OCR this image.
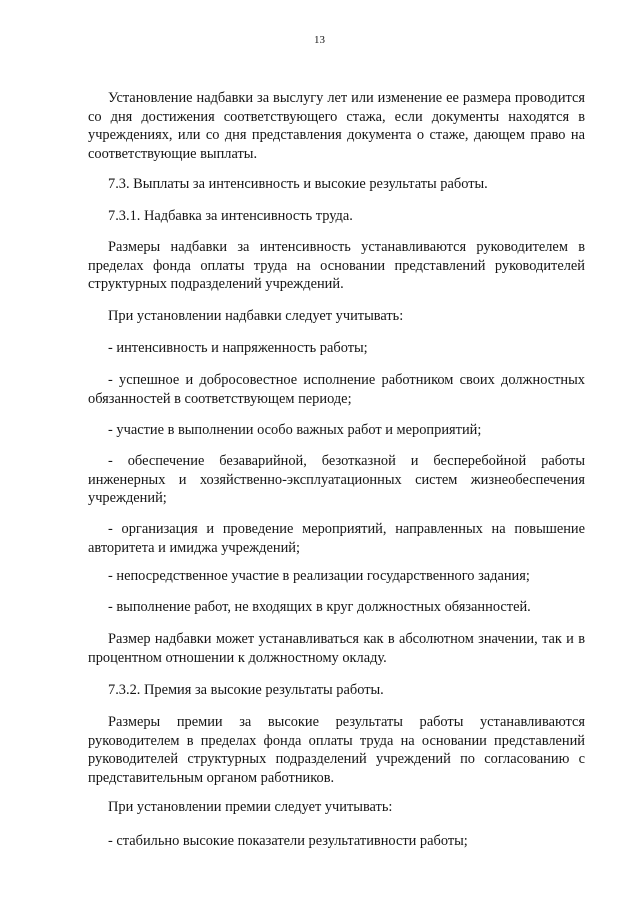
13

Установление надбавки за выслугу лет или изменение ее размера проводится со дня достижения соответствующего стажа, если документы находятся в учреждениях, или со дня представления документа о стаже, дающем право на соответствующие выплаты.

7.3. Выплаты за интенсивность и высокие результаты работы.

7.3.1. Надбавка за интенсивность труда.

Размеры надбавки за интенсивность устанавливаются руководителем в пределах фонда оплаты труда на основании представлений руководителей структурных подразделений учреждений.

При установлении надбавки следует учитывать:

- интенсивность и напряженность работы;

- успешное и добросовестное исполнение работником своих должностных обязанностей в соответствующем периоде;

- участие в выполнении особо важных работ и мероприятий;

- обеспечение безаварийной, безотказной и бесперебойной работы инженерных и хозяйственно-эксплуатационных систем жизнеобеспечения учреждений;

- организация и проведение мероприятий, направленных на повышение авторитета и имиджа учреждений;

- непосредственное участие в реализации государственного задания;

- выполнение работ, не входящих в круг должностных обязанностей.

Размер надбавки может устанавливаться как в абсолютном значении, так и в процентном отношении к должностному окладу.

7.3.2. Премия за высокие результаты работы.

Размеры премии за высокие результаты работы устанавливаются руководителем в пределах фонда оплаты труда на основании представлений руководителей структурных подразделений учреждений по согласованию с представительным органом работников.

При установлении премии следует учитывать:

- стабильно высокие показатели результативности работы;
